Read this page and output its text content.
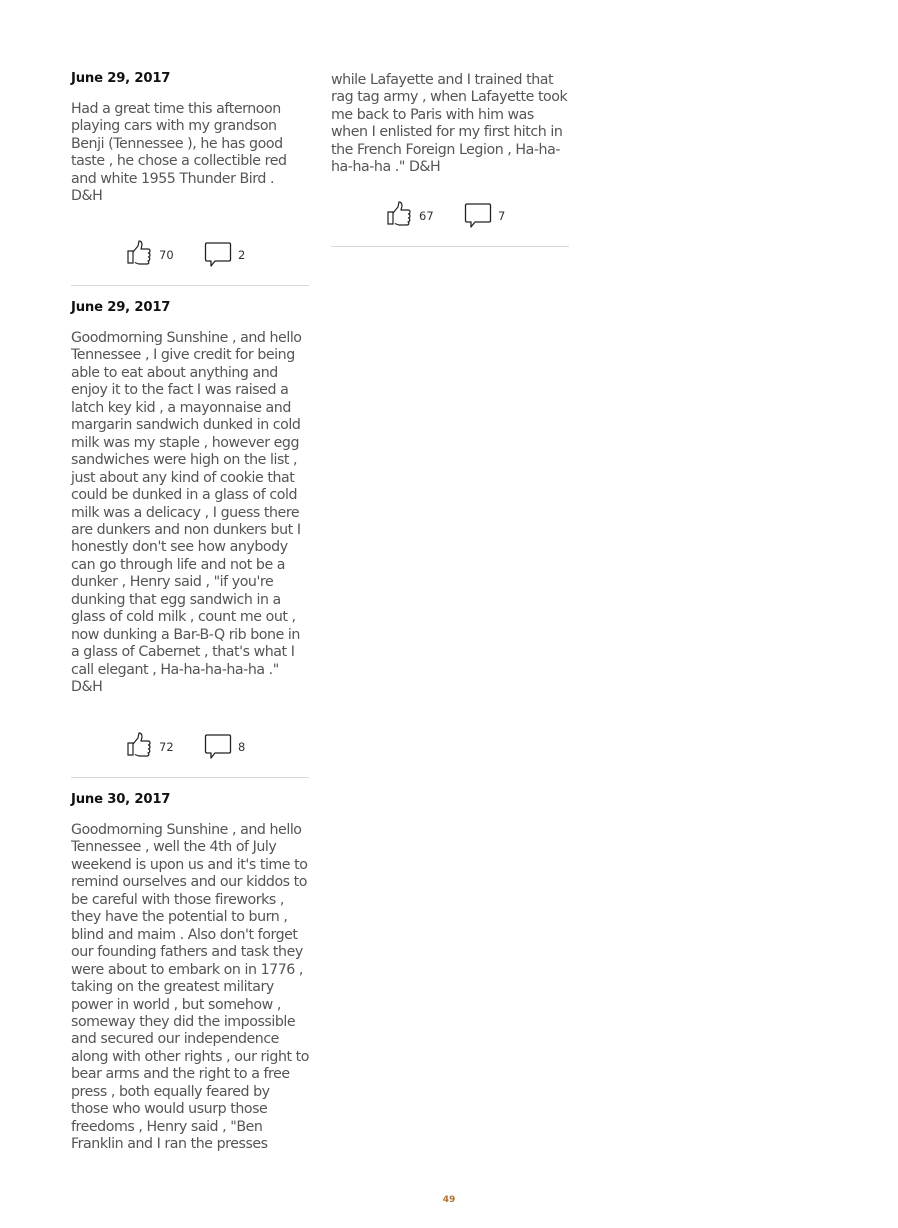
June 29, 2017
Had a great time this afternoon playing cars with my grandson Benji (Tennessee ), he has good taste , he chose a collectible red and white 1955 Thunder Bird . D&H
70	2
June 29, 2017
Goodmorning Sunshine , and hello Tennessee , I give credit for being able to eat about anything and enjoy it to the fact I was raised a latch key kid , a mayonnaise and margarin sandwich dunked in cold milk was my staple , however egg sandwiches were high on the list , just about any kind of cookie that could be dunked in a glass of cold milk was a delicacy , I guess there are dunkers and non dunkers but I honestly don't see how anybody can go through life and not be a dunker , Henry said , "if you're dunking that egg sandwich in a glass of cold milk , count me out , now dunking a Bar-B-Q rib bone in a glass of Cabernet , that's what I call elegant , Ha-ha-ha-ha-ha ." D&H
72	8
June 30, 2017
Goodmorning Sunshine , and hello Tennessee , well the 4th of July weekend is upon us and it's time to remind ourselves and our kiddos to be careful with those fireworks , they have the potential to burn , blind and maim . Also don't forget our founding fathers and task they were about to embark on in 1776 , taking on the greatest military power in world , but somehow , someway they did the impossible and secured our independence along with other rights , our right to bear arms and the right to a free press , both equally feared by those who would usurp those freedoms , Henry said , "Ben Franklin and I ran the presses
while Lafayette and I trained that rag tag army , when Lafayette took me back to Paris with him was when I enlisted for my first hitch in the French Foreign Legion , Ha-ha-ha-ha-ha ." D&H
67	7
49
